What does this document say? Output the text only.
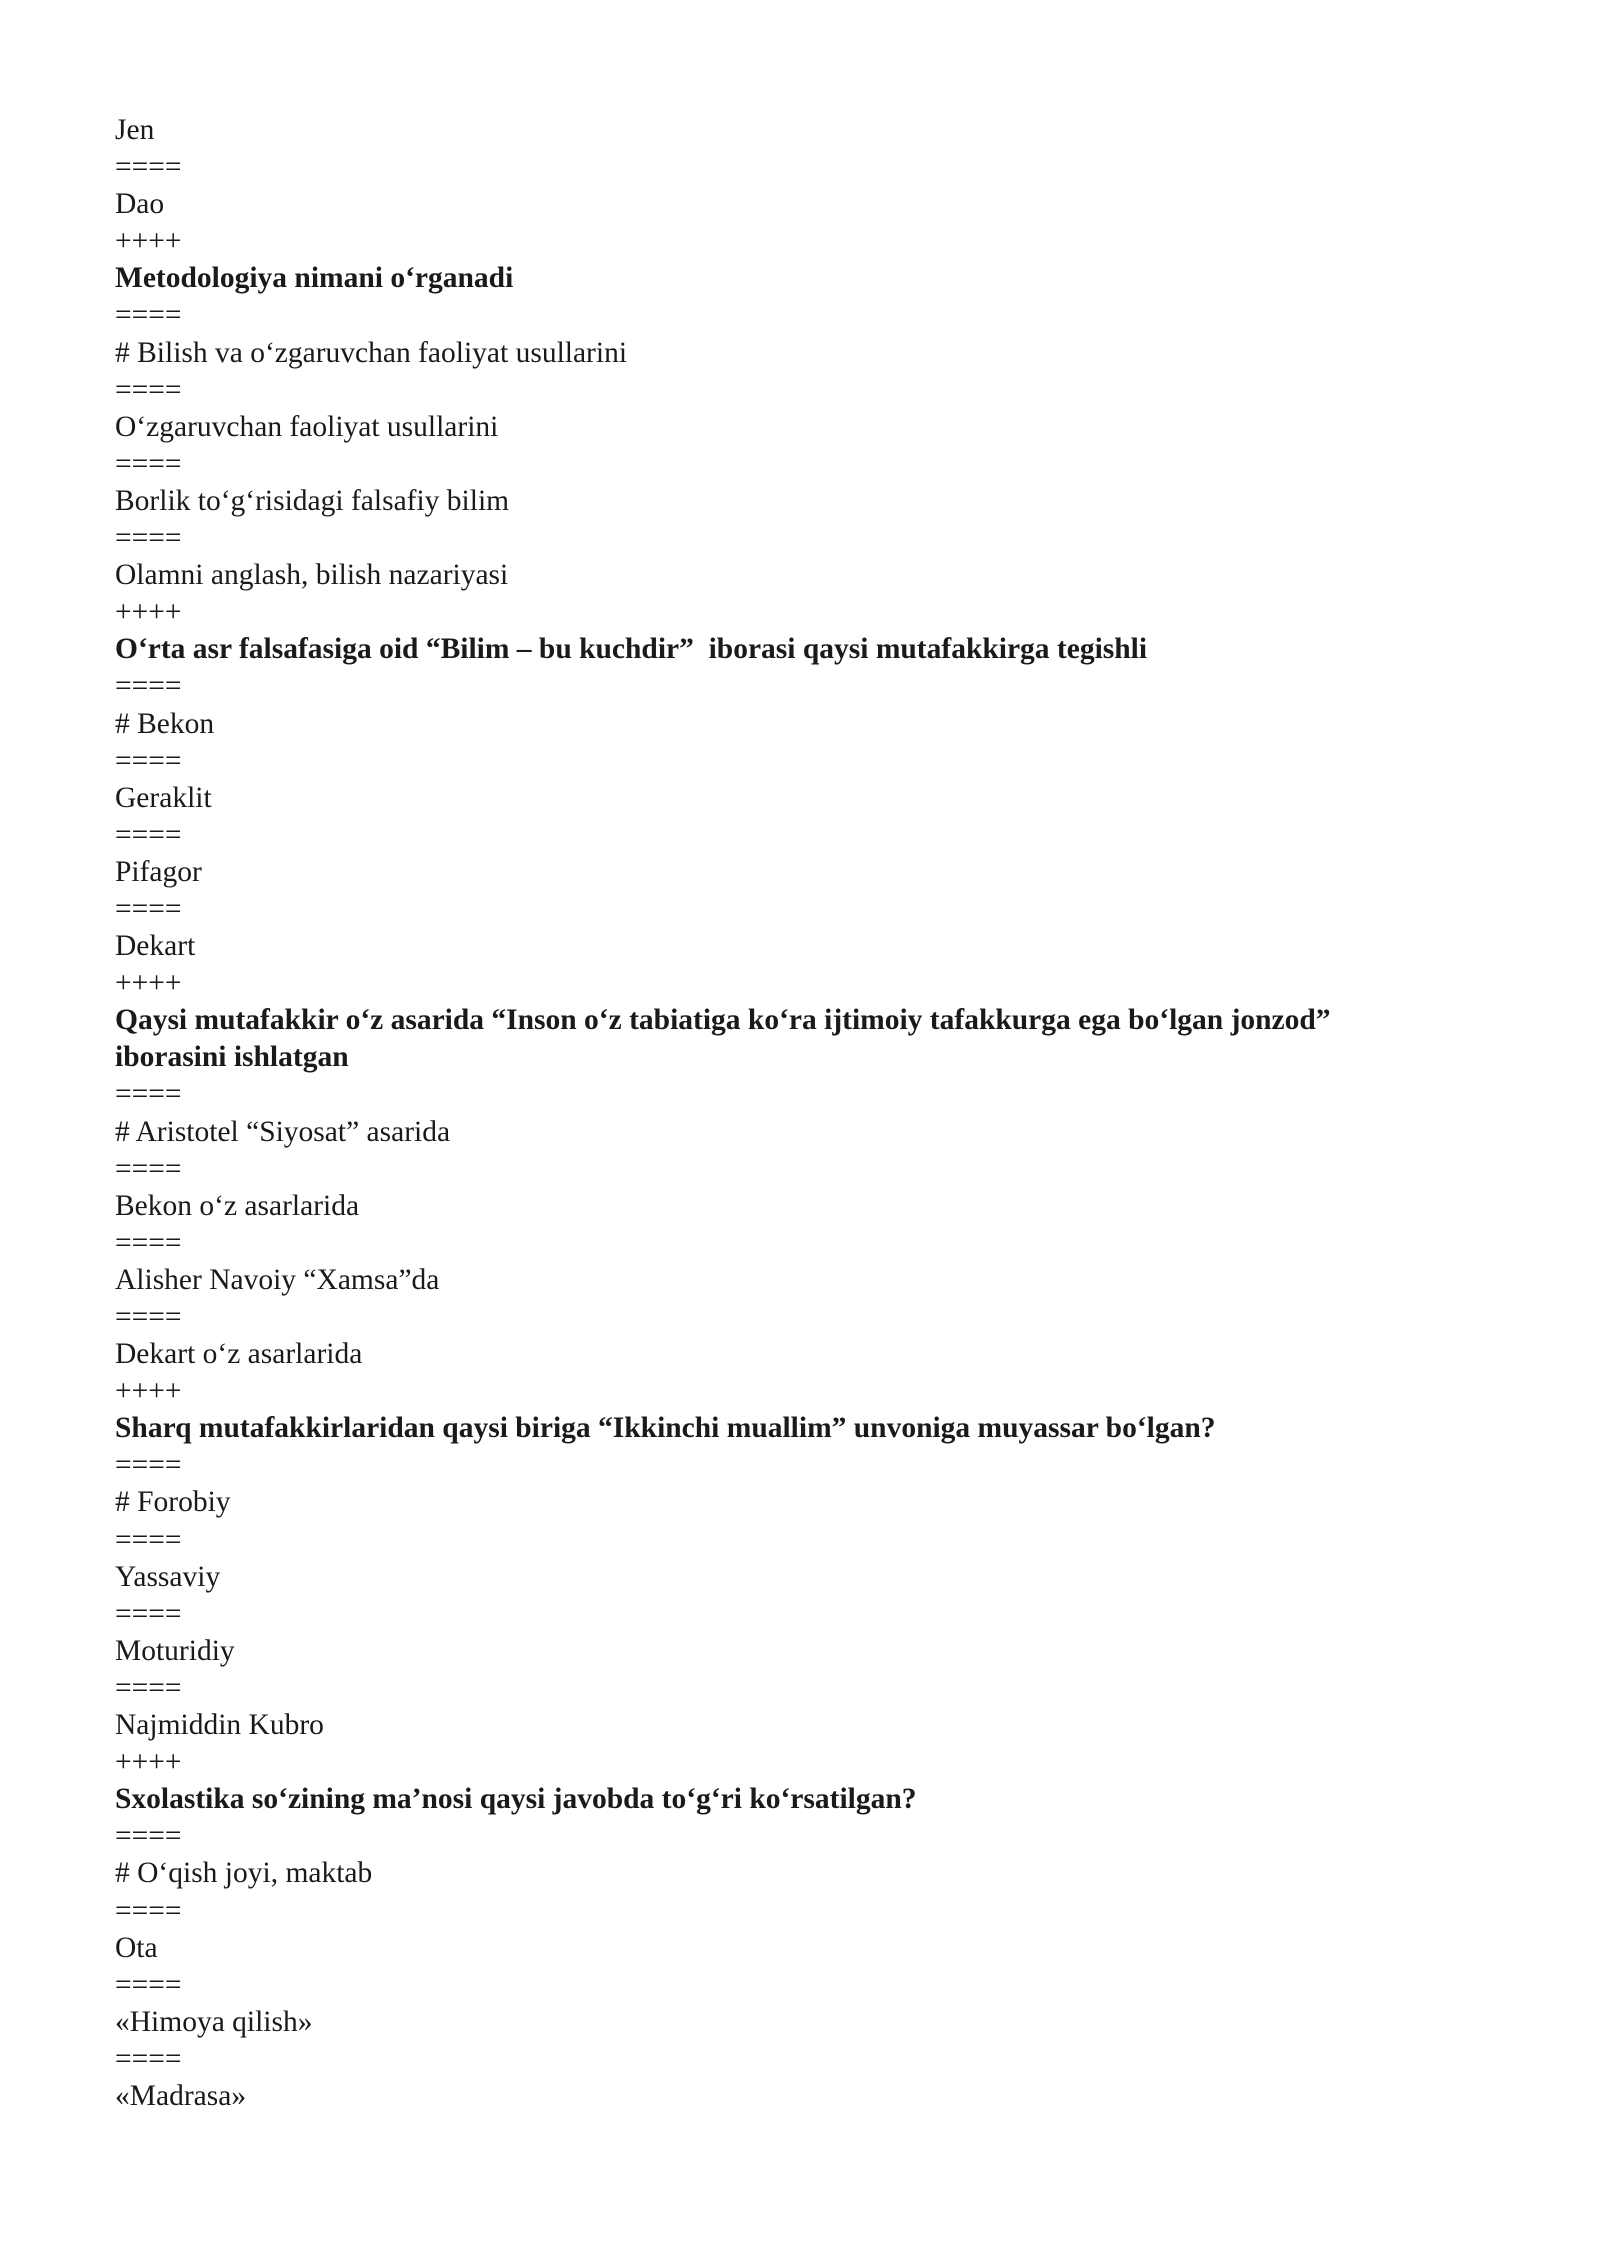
Jen
====
Dao
++++
Metodologiya nimani o‘rganadi
====
# Bilish va o‘zgaruvchan faoliyat usullarini
====
O‘zgaruvchan faoliyat usullarini
====
Borlik to‘g‘risidagi falsafiy bilim
====
Olamni anglash, bilish nazariyasi
++++
O‘rta asr falsafasiga oid “Bilim – bu kuchdir”  iborasi qaysi mutafakkirga tegishli
====
# Bekon
====
Geraklit
====
Pifagor
====
Dekart
++++
Qaysi mutafakkir o‘z asarida “Inson o‘z tabiatiga ko‘ra ijtimoiy tafakkurga ega bo‘lgan jonzod”
iborasini ishlatgan
====
# Aristotel “Siyosat” asarida
====
Bekon o‘z asarlarida
====
Alisher Navoiy “Xamsa”da
====
Dekart o‘z asarlarida
++++
Sharq mutafakkirlaridan qaysi biriga “Ikkinchi muallim” unvoniga muyassar bo‘lgan?
====
# Forobiy
====
Yassaviy
====
Moturidiy
====
Najmiddin Kubro
++++
Sxolastika so‘zining ma’nosi qaysi javobda to‘g‘ri ko‘rsatilgan?
====
# O‘qish joyi, maktab
====
Ota
====
«Himoya qilish»
====
«Madrasa»
